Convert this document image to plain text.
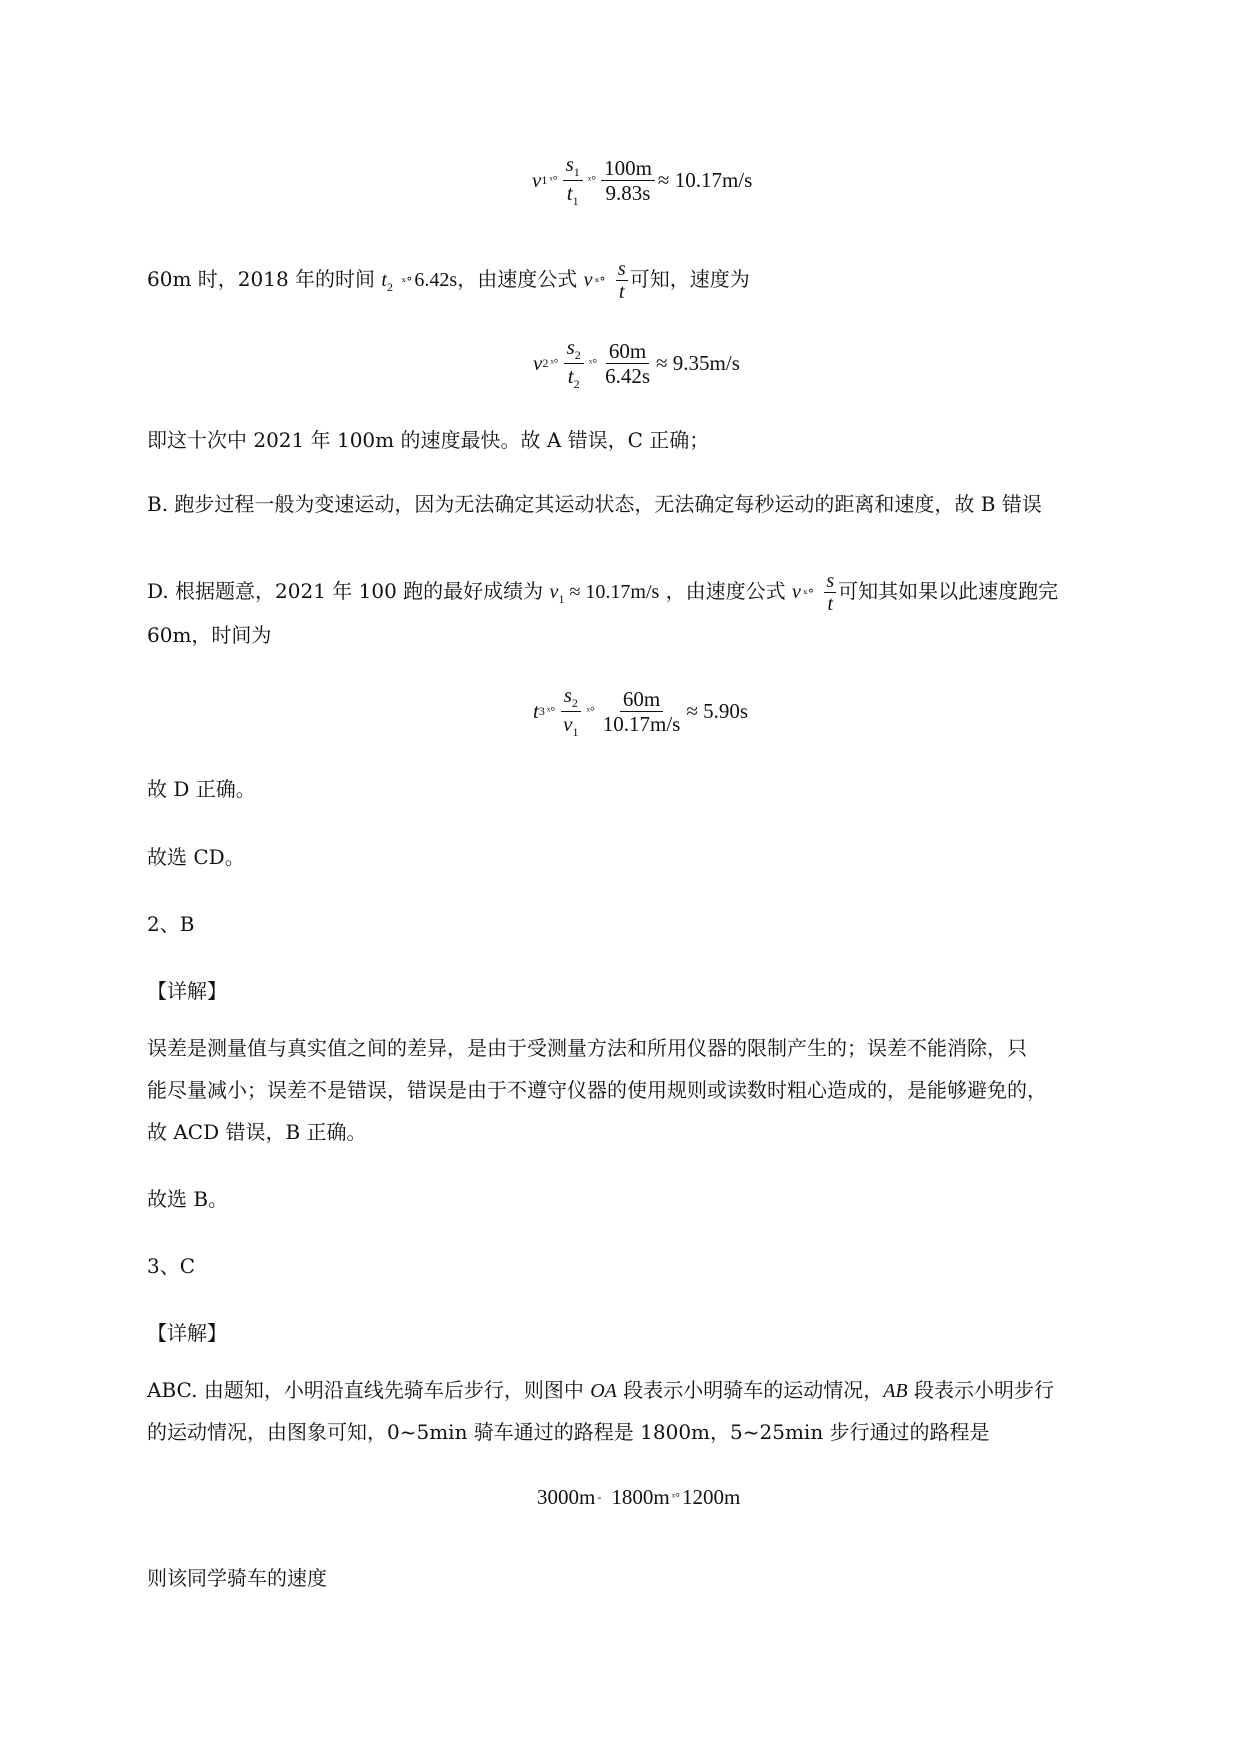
v 1 ˣ° $\frac{s_1}{t_1}$ ˣ° $\frac{100m}{9.83s} \approx 10.17m/s$
60m 时，2018 年的时间 $t_2$ ˣ° 6.42s，由速度公式 v ˣ° $\frac{s}{t}$ 可知，速度为
v 2 ˣ° $\frac{s_2}{t_2}$ ˣ° $\frac{60m}{6.42s} \approx 9.35m/s$
即这十次中 2021 年 100m 的速度最快。故 A 错误，C 正确；
B. 跑步过程一般为变速运动，因为无法确定其运动状态，无法确定每秒运动的距离和速度，故 B 错误
D. 根据题意，2021 年 100 跑的最好成绩为 $v_1 \approx 10.17m/s$ ，由速度公式 v ˣ° $\frac{s}{t}$ 可知其如果以此速度跑完
60m，时间为
t 3 ˣ° $\frac{s_2}{v_1}$ ˣ° $\frac{60m}{10.17m/s} \approx 5.90s$
故 D 正确。
故选 CD。
2、B
【详解】
误差是测量值与真实值之间的差异，是由于受测量方法和所用仪器的限制产生的；误差不能消除，只
能尽量减小；误差不是错误，错误是由于不遵守仪器的使用规则或读数时粗心造成的，是能够避免的，
故 ACD 错误，B 正确。
故选 B。
3、C
【详解】
ABC. 由题知，小明沿直线先骑车后步行，则图中 OA 段表示小明骑车的运动情况，AB 段表示小明步行
的运动情况，由图象可知，0~5min 骑车通过的路程是 1800m，5~25min 步行通过的路程是
3000m - 1800m ˣ° 1200m
则该同学骑车的速度
